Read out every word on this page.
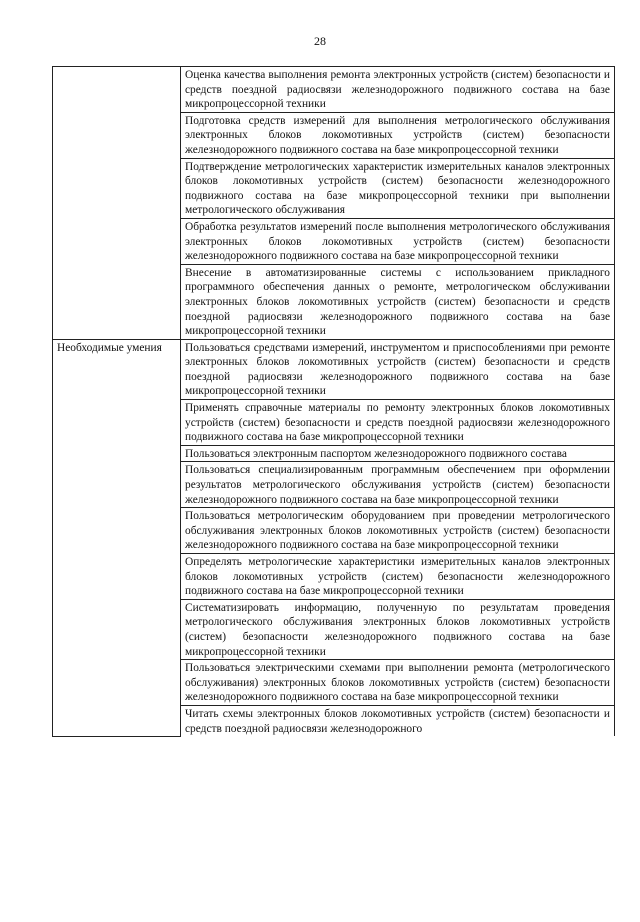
28
	Оценка качества выполнения ремонта электронных устройств (систем) безопасности и средств поездной радиосвязи железнодорожного подвижного состава на базе микропроцессорной техники
	Подготовка средств измерений для выполнения метрологического обслуживания электронных блоков локомотивных устройств (систем) безопасности железнодорожного подвижного состава на базе микропроцессорной техники
	Подтверждение метрологических характеристик измерительных каналов электронных блоков локомотивных устройств (систем) безопасности железнодорожного подвижного состава на базе микропроцессорной техники при выполнении метрологического обслуживания
	Обработка результатов измерений после выполнения метрологического обслуживания электронных блоков локомотивных устройств (систем) безопасности железнодорожного подвижного состава на базе микропроцессорной техники
	Внесение в автоматизированные системы с использованием прикладного программного обеспечения данных о ремонте, метрологическом обслуживании электронных блоков локомотивных устройств (систем) безопасности и средств поездной радиосвязи железнодорожного подвижного состава на базе микропроцессорной техники
Необходимые умения	Пользоваться средствами измерений, инструментом и приспособлениями при ремонте электронных блоков локомотивных устройств (систем) безопасности и средств поездной радиосвязи железнодорожного подвижного состава на базе микропроцессорной техники
	Применять справочные материалы по ремонту электронных блоков локомотивных устройств (систем) безопасности и средств поездной радиосвязи железнодорожного подвижного состава на базе микропроцессорной техники
	Пользоваться электронным паспортом железнодорожного подвижного состава
	Пользоваться специализированным программным обеспечением при оформлении результатов метрологического обслуживания устройств (систем) безопасности железнодорожного подвижного состава на базе микропроцессорной техники
	Пользоваться метрологическим оборудованием при проведении метрологического обслуживания электронных блоков локомотивных устройств (систем) безопасности железнодорожного подвижного состава на базе микропроцессорной техники
	Определять метрологические характеристики измерительных каналов электронных блоков локомотивных устройств (систем) безопасности железнодорожного подвижного состава на базе микропроцессорной техники
	Систематизировать информацию, полученную по результатам проведения метрологического обслуживания электронных блоков локомотивных устройств (систем) безопасности железнодорожного подвижного состава на базе микропроцессорной техники
	Пользоваться электрическими схемами при выполнении ремонта (метрологического обслуживания) электронных блоков локомотивных устройств (систем) безопасности железнодорожного подвижного состава на базе микропроцессорной техники
	Читать схемы электронных блоков локомотивных устройств (систем) безопасности и средств поездной радиосвязи железнодорожного
